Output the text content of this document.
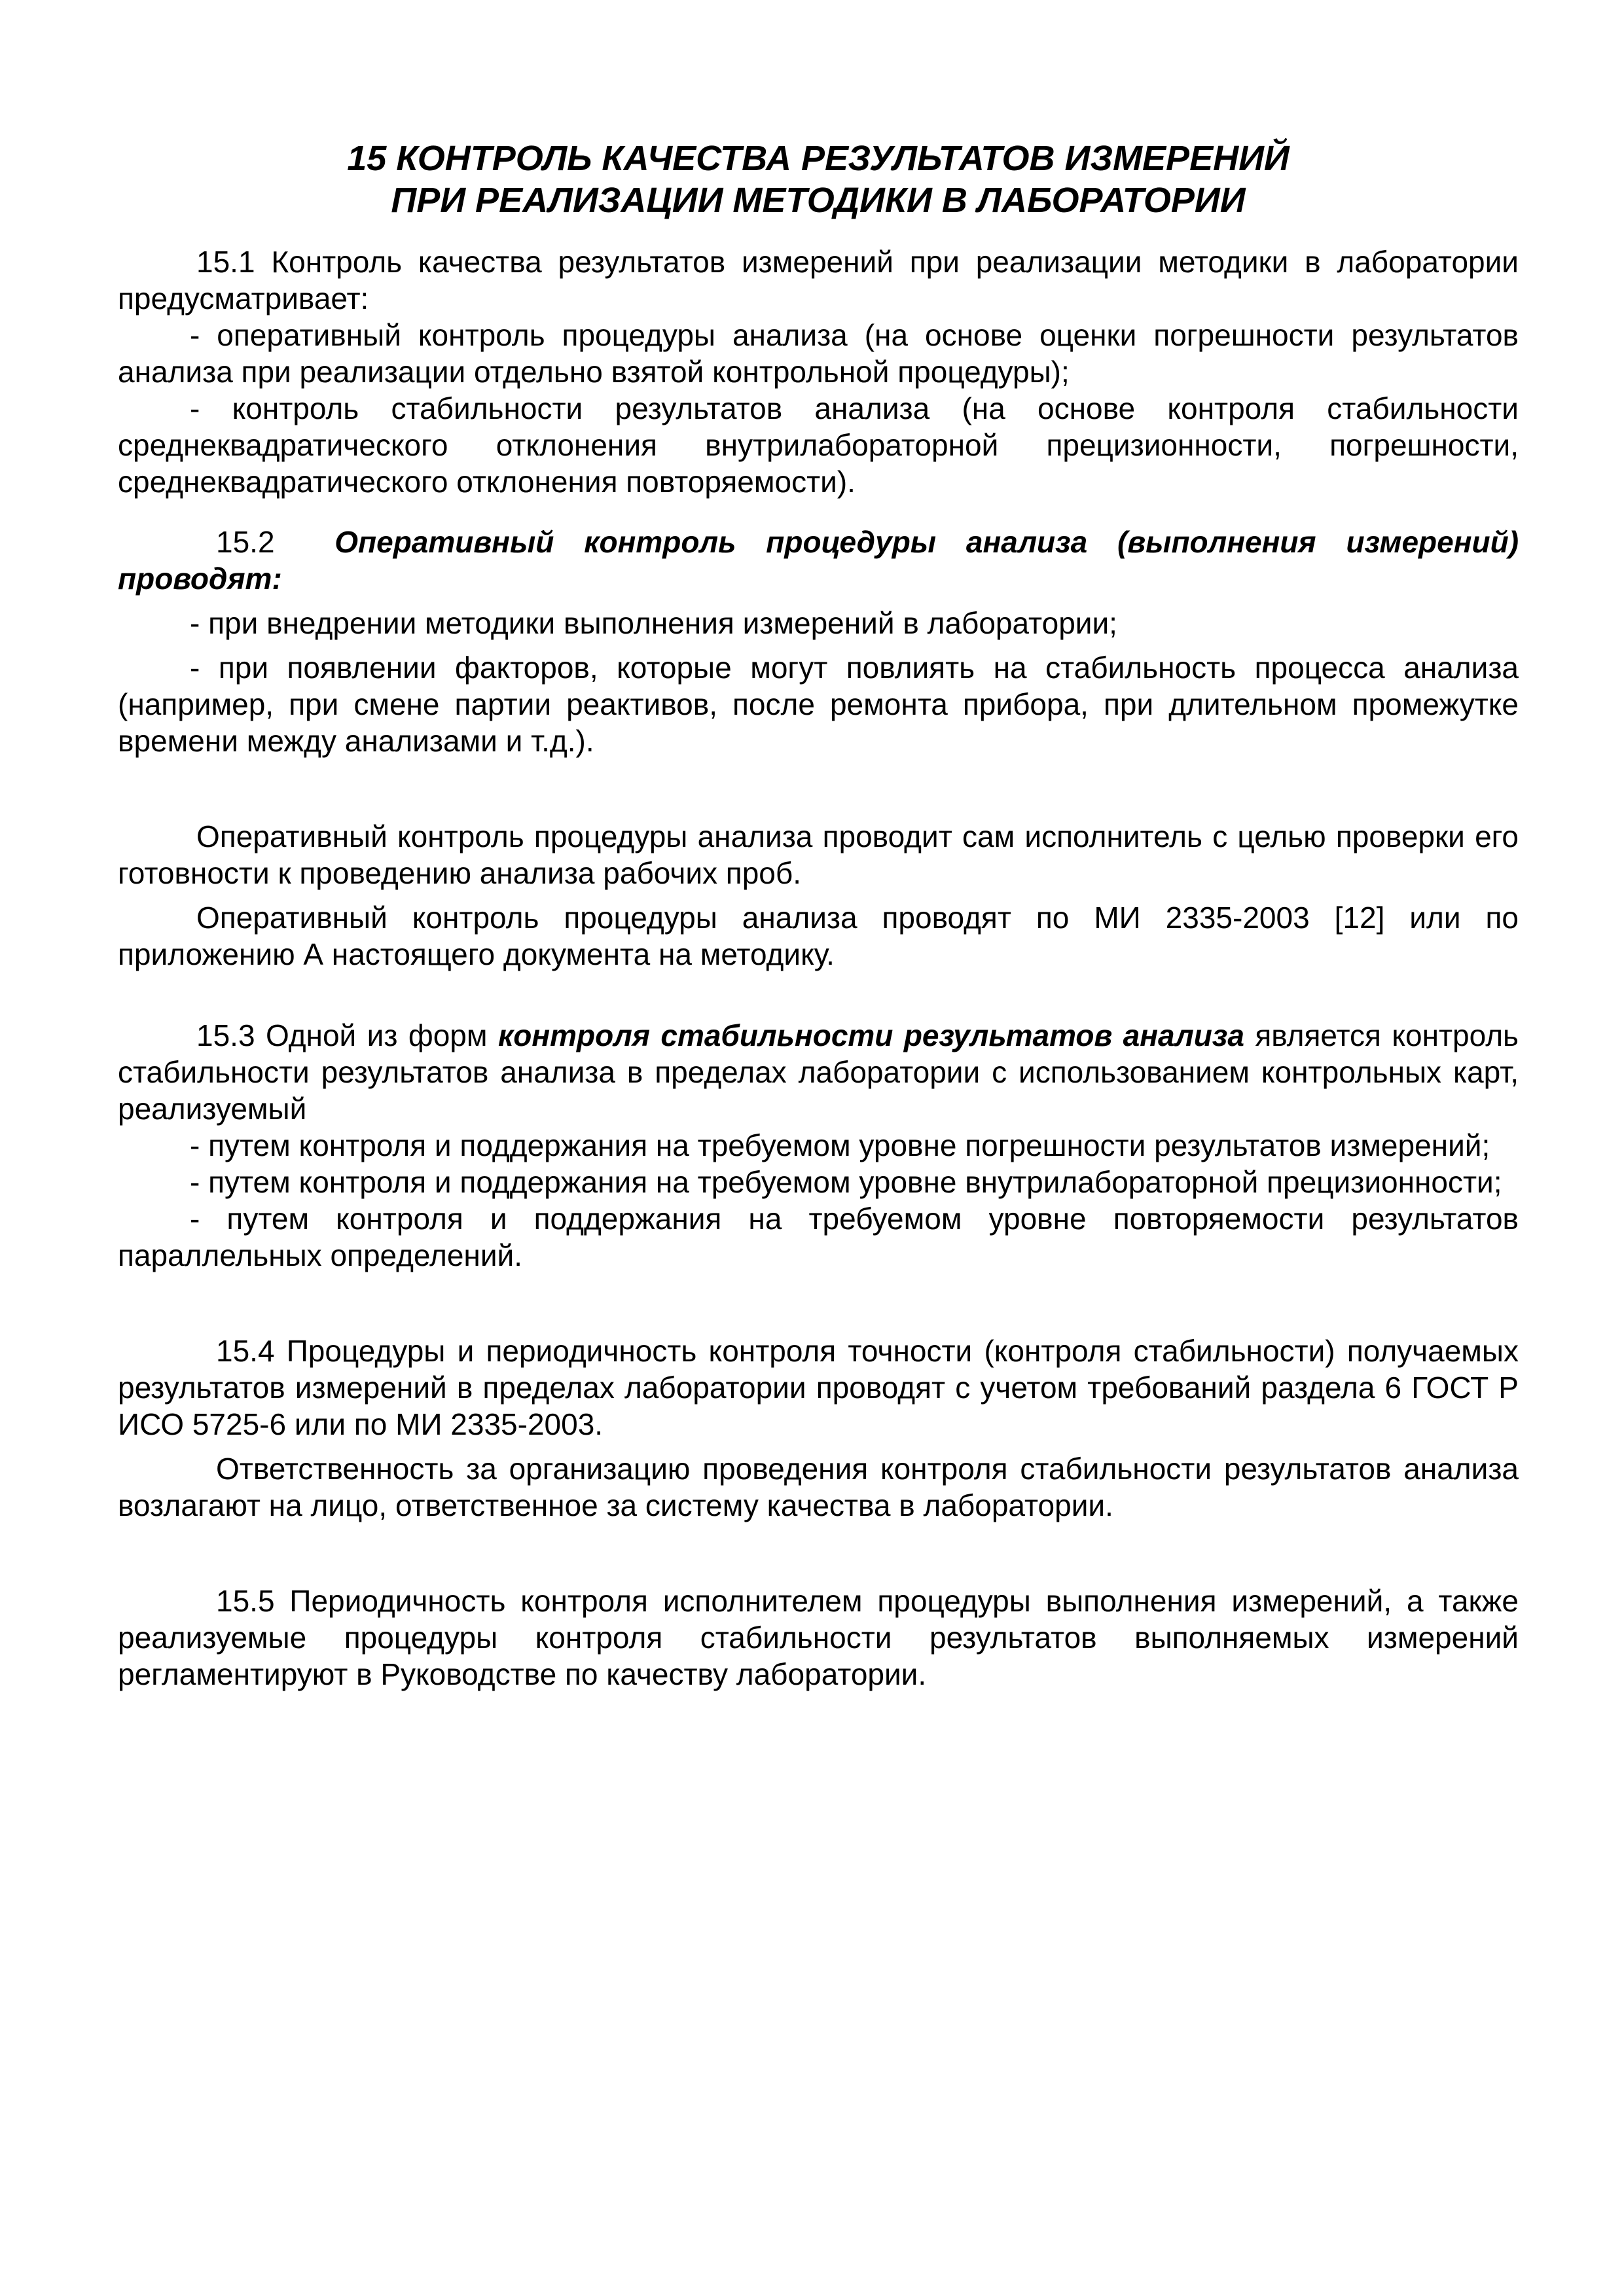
15 КОНТРОЛЬ КАЧЕСТВА РЕЗУЛЬТАТОВ ИЗМЕРЕНИЙ
ПРИ РЕАЛИЗАЦИИ МЕТОДИКИ В ЛАБОРАТОРИИ

15.1 Контроль качества результатов измерений при реализации методики в лаборатории предусматривает:

- оперативный контроль процедуры анализа (на основе оценки погрешности результатов анализа при реализации отдельно взятой контрольной процедуры);

- контроль стабильности результатов анализа (на основе контроля стабильности среднеквадратического отклонения внутрилабораторной прецизионности, погрешности, среднеквадратического отклонения повторяемости).

15.2 Оперативный контроль процедуры анализа (выполнения измерений) проводят:

- при внедрении методики выполнения измерений в лаборатории;

- при появлении факторов, которые могут повлиять на стабильность процесса анализа (например, при смене партии реактивов, после ремонта прибора, при длительном промежутке времени между анализами и т.д.).

Оперативный контроль процедуры анализа проводит сам исполнитель с целью проверки его готовности к проведению анализа рабочих проб.

Оперативный контроль процедуры анализа проводят по МИ 2335-2003 [12] или по приложению А настоящего документа на методику.

15.3 Одной из форм контроля стабильности результатов анализа является контроль стабильности результатов анализа в пределах лаборатории с использованием контрольных карт, реализуемый

- путем контроля и поддержания на требуемом уровне погрешности результатов измерений;

- путем контроля и поддержания на требуемом уровне внутрилабораторной прецизионности;

- путем контроля и поддержания на требуемом уровне повторяемости результатов параллельных определений.

15.4 Процедуры и периодичность контроля точности (контроля стабильности) получаемых результатов измерений в пределах лаборатории проводят с учетом требований раздела 6 ГОСТ Р ИСО 5725-6 или по МИ 2335-2003.

Ответственность за организацию проведения контроля стабильности результатов анализа возлагают на лицо, ответственное за систему качества в лаборатории.

15.5 Периодичность контроля исполнителем процедуры выполнения измерений, а также реализуемые процедуры контроля стабильности результатов выполняемых измерений регламентируют в Руководстве по качеству лаборатории.
